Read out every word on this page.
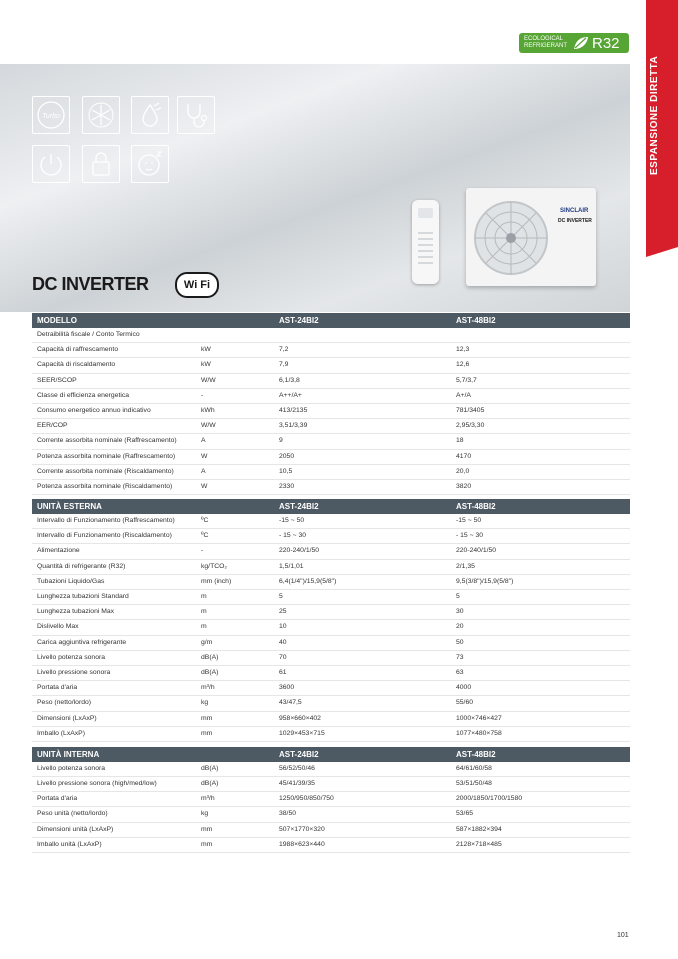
ESPANSIONE DIRETTA
ECOLOGICAL
REFRIGERANT	R32
Turbo
SINCLAIR
DC INVERTER
DC INVERTER	Wi Fi
MODELLO	AST-24BI2	AST-48BI2
Detraibilità fiscale / Conto Termico
Capacità di raffrescamento	kW	7,2	12,3
Capacità di riscaldamento	kW	7,9	12,6
SEER/SCOP	W/W	6,1/3,8	5,7/3,7
Classe di efficienza energetica	-	A++/A+	A+/A
Consumo energetico annuo indicativo	kWh	413/2135	781/3405
EER/COP	W/W	3,51/3,39	2,95/3,30
Corrente assorbita nominale (Raffrescamento)	A	9	18
Potenza assorbita nominale (Raffrescamento)	W	2050	4170
Corrente assorbita nominale (Riscaldamento)	A	10,5	20,0
Potenza assorbita nominale (Riscaldamento)	W	2330	3820
UNITÀ ESTERNA	AST-24BI2	AST-48BI2
Intervallo di Funzionamento (Raffrescamento)	ºC	-15 ~ 50	-15 ~ 50
Intervallo di Funzionamento (Riscaldamento)	ºC	- 15 ~ 30	- 15 ~ 30
Alimentazione	-	220-240/1/50	220-240/1/50
Quantità di refrigerante (R32)	kg/TCO₂	1,5/1,01	2/1,35
Tubazioni Liquido/Gas	mm (inch)	6,4(1/4")/15,9(5/8")	9,5(3/8")/15,9(5/8")
Lunghezza tubazioni Standard	m	5	5
Lunghezza tubazioni Max	m	25	30
Dislivello Max	m	10	20
Carica aggiuntiva refrigerante	g/m	40	50
Livello potenza sonora	dB(A)	70	73
Livello pressione sonora	dB(A)	61	63
Portata d'aria	m³/h	3600	4000
Peso (netto/lordo)	kg	43/47,5	55/60
Dimensioni (LxAxP)	mm	958×660×402	1000×746×427
Imballo (LxAxP)	mm	1029×453×715	1077×480×758
UNITÀ INTERNA	AST-24BI2	AST-48BI2
Livello potenza sonora	dB(A)	56/52/50/46	64/61/60/58
Livello pressione sonora (high/med/low)	dB(A)	45/41/39/35	53/51/50/48
Portata d'aria	m³/h	1250/950/850/750	2000/1850/1700/1580
Peso unità (netto/lordo)	kg	38/50	53/65
Dimensioni unità (LxAxP)	mm	507×1770×320	587×1882×394
Imballo unità (LxAxP)	mm	1988×623×440	2128×718×485
101
